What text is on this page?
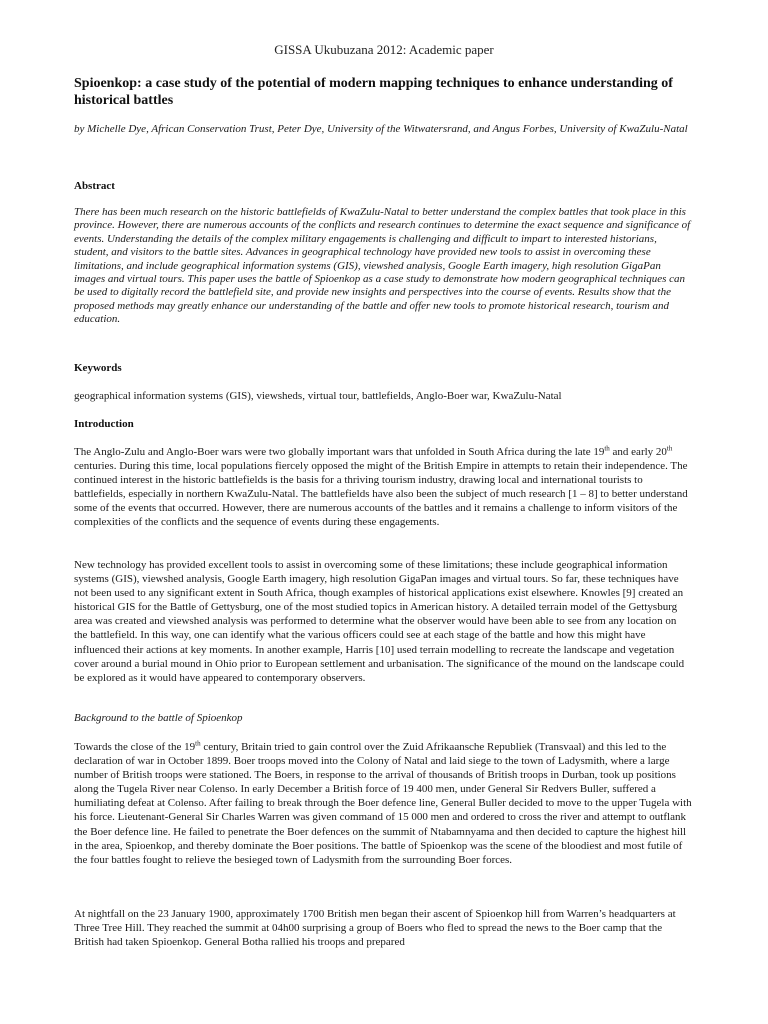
GISSA Ukubuzana 2012: Academic paper
Spioenkop: a case study of the potential of modern mapping techniques to enhance understanding of historical battles
by Michelle Dye, African Conservation Trust, Peter Dye, University of the Witwatersrand, and Angus Forbes, University of KwaZulu-Natal
Abstract
There has been much research on the historic battlefields of KwaZulu-Natal to better understand the complex battles that took place in this province. However, there are numerous accounts of the conflicts and research continues to determine the exact sequence and significance of events. Understanding the details of the complex military engagements is challenging and difficult to impart to interested historians, student, and visitors to the battle sites. Advances in geographical technology have provided new tools to assist in overcoming these limitations, and include geographical information systems (GIS), viewshed analysis, Google Earth imagery, high resolution GigaPan images and virtual tours. This paper uses the battle of Spioenkop as a case study to demonstrate how modern geographical techniques can be used to digitally record the battlefield site, and provide new insights and perspectives into the course of events. Results show that the proposed methods may greatly enhance our understanding of the battle and offer new tools to promote historical research, tourism and education.
Keywords
geographical information systems (GIS), viewsheds, virtual tour, battlefields, Anglo-Boer war, KwaZulu-Natal
Introduction
The Anglo-Zulu and Anglo-Boer wars were two globally important wars that unfolded in South Africa during the late 19th and early 20th centuries. During this time, local populations fiercely opposed the might of the British Empire in attempts to retain their independence. The continued interest in the historic battlefields is the basis for a thriving tourism industry, drawing local and international tourists to battlefields, especially in northern KwaZulu-Natal. The battlefields have also been the subject of much research [1 – 8] to better understand some of the events that occurred. However, there are numerous accounts of the battles and it remains a challenge to inform visitors of the complexities of the conflicts and the sequence of events during these engagements.
New technology has provided excellent tools to assist in overcoming some of these limitations; these include geographical information systems (GIS), viewshed analysis, Google Earth imagery, high resolution GigaPan images and virtual tours. So far, these techniques have not been used to any significant extent in South Africa, though examples of historical applications exist elsewhere. Knowles [9] created an historical GIS for the Battle of Gettysburg, one of the most studied topics in American history. A detailed terrain model of the Gettysburg area was created and viewshed analysis was performed to determine what the observer would have been able to see from any location on the battlefield. In this way, one can identify what the various officers could see at each stage of the battle and how this might have influenced their actions at key moments. In another example, Harris [10] used terrain modelling to recreate the landscape and vegetation cover around a burial mound in Ohio prior to European settlement and urbanisation. The significance of the mound on the landscape could be explored as it would have appeared to contemporary observers.
Background to the battle of Spioenkop
Towards the close of the 19th century, Britain tried to gain control over the Zuid Afrikaansche Republiek (Transvaal) and this led to the declaration of war in October 1899. Boer troops moved into the Colony of Natal and laid siege to the town of Ladysmith, where a large number of British troops were stationed. The Boers, in response to the arrival of thousands of British troops in Durban, took up positions along the Tugela River near Colenso. In early December a British force of 19 400 men, under General Sir Redvers Buller, suffered a humiliating defeat at Colenso. After failing to break through the Boer defence line, General Buller decided to move to the upper Tugela with his force. Lieutenant-General Sir Charles Warren was given command of 15 000 men and ordered to cross the river and attempt to outflank the Boer defence line. He failed to penetrate the Boer defences on the summit of Ntabamnyama and then decided to capture the highest hill in the area, Spioenkop, and thereby dominate the Boer positions. The battle of Spioenkop was the scene of the bloodiest and most futile of the four battles fought to relieve the besieged town of Ladysmith from the surrounding Boer forces.
At nightfall on the 23 January 1900, approximately 1700 British men began their ascent of Spioenkop hill from Warren’s headquarters at Three Tree Hill. They reached the summit at 04h00 surprising a group of Boers who fled to spread the news to the Boer camp that the British had taken Spioenkop. General Botha rallied his troops and prepared
